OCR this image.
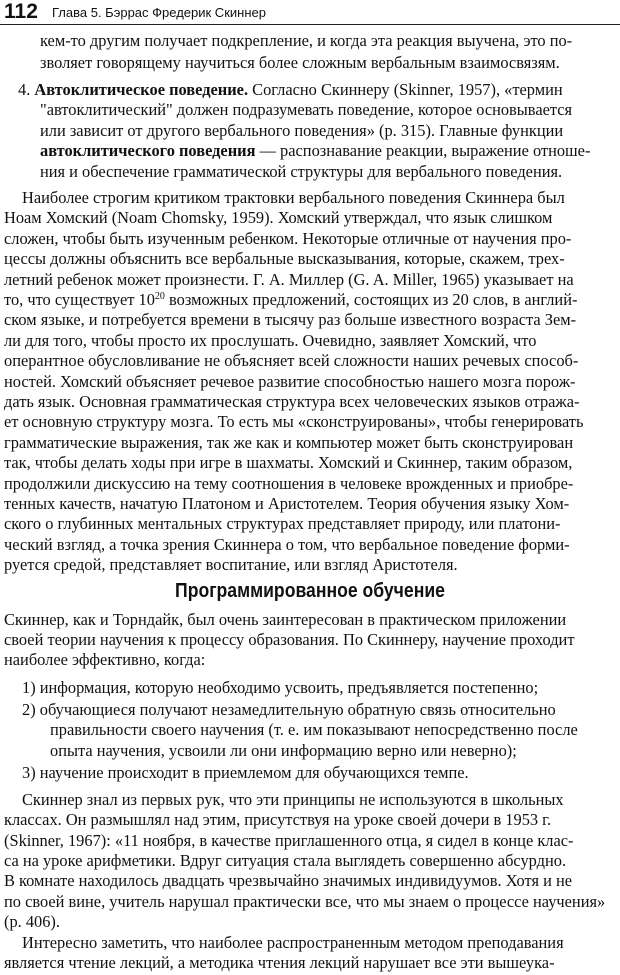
112 Глава 5. Бэррас Фредерик Скиннер
Программированное обучение
кем-то другим получает подкрепление, и когда эта реакция выучена, это по-
зволяет говорящему научиться более сложным вербальным взаимосвязям.
4. Автоклитическое поведение. Согласно Скиннеру (Skinner, 1957), «термин
"автоклитический" должен подразумевать поведение, которое основывается
или зависит от другого вербального поведения» (р. 315). Главные функции
автоклитического поведения — распознавание реакции, выражение отноше-
ния и обеспечение грамматической структуры для вербального поведения.
Наиболее строгим критиком трактовки вербального поведения Скиннера был
Ноам Хомский (Noam Chomsky, 1959). Хомский утверждал, что язык слишком
сложен, чтобы быть изученным ребенком. Некоторые отличные от научения про-
цессы должны объяснить все вербальные высказывания, которые, скажем, трех-
летний ребенок может произнести. Г. А. Миллер (G. A. Miller, 1965) указывает на
то, что существует $10^{20}$ возможных предложений, состоящих из 20 слов, в англий-
ском языке, и потребуется времени в тысячу раз больше известного возраста Зем-
ли для того, чтобы просто их прослушать. Очевидно, заявляет Хомский, что
оперантное обусловливание не объясняет всей сложности наших речевых способ-
ностей. Хомский объясняет речевое развитие способностью нашего мозга порож-
дать язык. Основная грамматическая структура всех человеческих языков отража-
ет основную структуру мозга. То есть мы «сконструированы», чтобы генерировать
грамматические выражения, так же как и компьютер может быть сконструирован
так, чтобы делать ходы при игре в шахматы. Хомский и Скиннер, таким образом,
продолжили дискуссию на тему соотношения в человеке врожденных и приобре-
тенных качеств, начатую Платоном и Аристотелем. Теория обучения языку Хом-
ского о глубинных ментальных структурах представляет природу, или платони-
ческий взгляд, а точка зрения Скиннера о том, что вербальное поведение форми-
руется средой, представляет воспитание, или взгляд Аристотеля.
Скиннер, как и Торндайк, был очень заинтересован в практическом приложении
своей теории научения к процессу образования. По Скиннеру, научение проходит
наиболее эффективно, когда:
1) информация, которую необходимо усвоить, предъявляется постепенно;
2) обучающиеся получают незамедлительную обратную связь относительно
правильности своего научения (т. е. им показывают непосредственно после
опыта научения, усвоили ли они информацию верно или неверно);
3) научение происходит в приемлемом для обучающихся темпе.
Скиннер знал из первых рук, что эти принципы не используются в школьных
классах. Он размышлял над этим, присутствуя на уроке своей дочери в 1953 г.
(Skinner, 1967): «11 ноября, в качестве приглашенного отца, я сидел в конце клас-
са на уроке арифметики. Вдруг ситуация стала выглядеть совершенно абсурдно.
В комнате находилось двадцать чрезвычайно значимых индивидуумов. Хотя и не
по своей вине, учитель нарушал практически все, что мы знаем о процессе научения»
(р. 406).
Интересно заметить, что наиболее распространенным методом преподавания
является чтение лекций, а методика чтения лекций нарушает все эти вышеука-
